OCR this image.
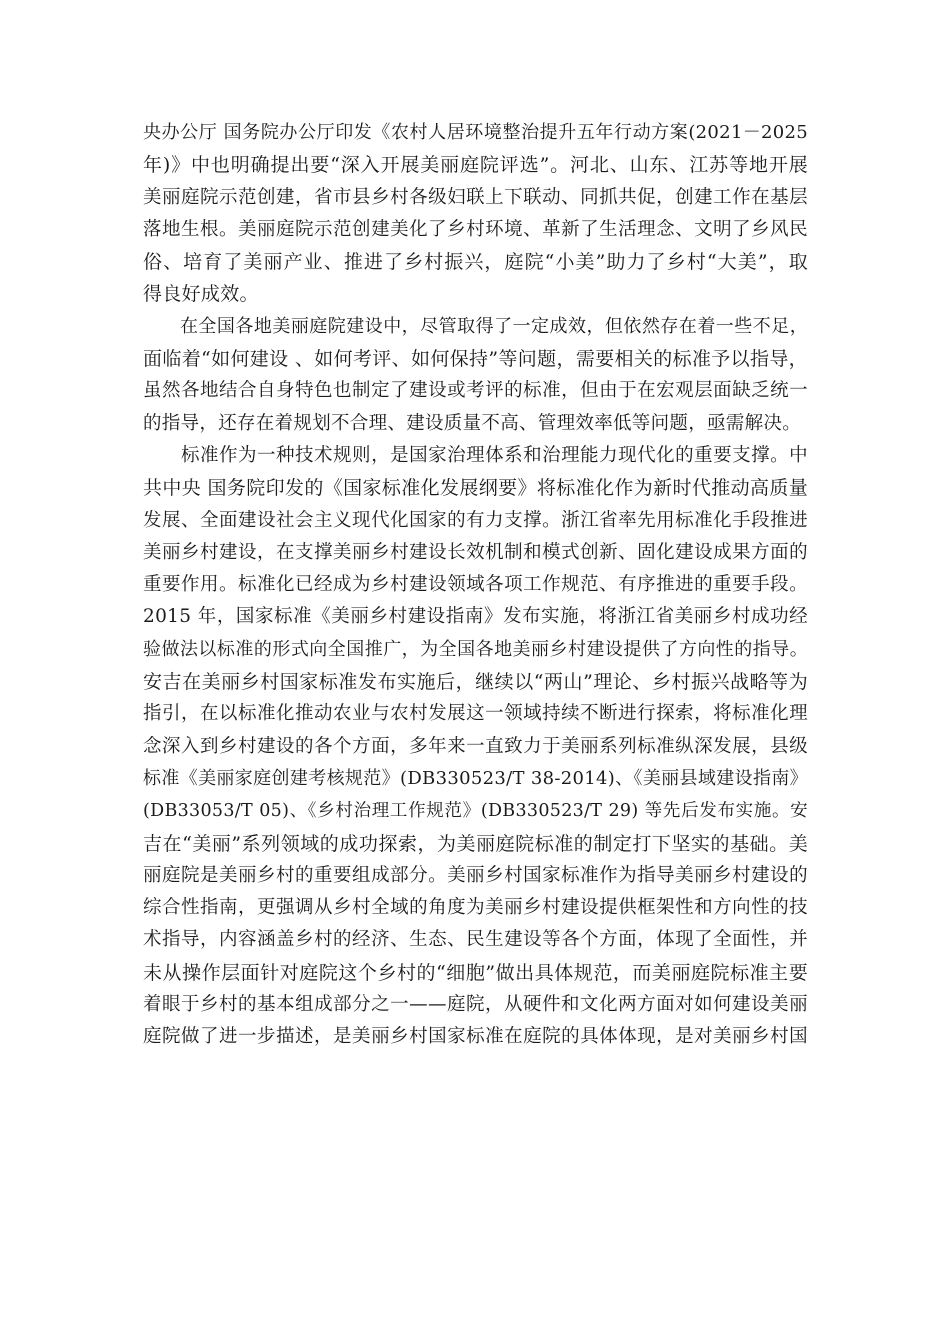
央办公厅 国务院办公厅印发《农村人居环境整治提升五年行动方案(2021－2025
年)》中也明确提出要“深入开展美丽庭院评选”。河北、山东、江苏等地开展
美丽庭院示范创建，省市县乡村各级妇联上下联动、同抓共促，创建工作在基层
落地生根。美丽庭院示范创建美化了乡村环境、革新了生活理念、文明了乡风民
俗、培育了美丽产业、推进了乡村振兴，庭院“小美”助力了乡村“大美”，取
得良好成效。
　　在全国各地美丽庭院建设中，尽管取得了一定成效，但依然存在着一些不足，
面临着“如何建设 、如何考评、如何保持”等问题，需要相关的标准予以指导，
虽然各地结合自身特色也制定了建设或考评的标准，但由于在宏观层面缺乏统一
的指导，还存在着规划不合理、建设质量不高、管理效率低等问题，亟需解决。
　　标准作为一种技术规则，是国家治理体系和治理能力现代化的重要支撑。中
共中央 国务院印发的《国家标准化发展纲要》将标准化作为新时代推动高质量
发展、全面建设社会主义现代化国家的有力支撑。浙江省率先用标准化手段推进
美丽乡村建设，在支撑美丽乡村建设长效机制和模式创新、固化建设成果方面的
重要作用。标准化已经成为乡村建设领域各项工作规范、有序推进的重要手段。
2015 年，国家标准《美丽乡村建设指南》发布实施，将浙江省美丽乡村成功经
验做法以标准的形式向全国推广，为全国各地美丽乡村建设提供了方向性的指导。
安吉在美丽乡村国家标准发布实施后，继续以“两山”理论、乡村振兴战略等为
指引，在以标准化推动农业与农村发展这一领域持续不断进行探索，将标准化理
念深入到乡村建设的各个方面，多年来一直致力于美丽系列标准纵深发展，县级
标准《美丽家庭创建考核规范》(DB330523/T 38-2014)、《美丽县域建设指南》
(DB33053/T 05)、《乡村治理工作规范》(DB330523/T 29) 等先后发布实施。安
吉在“美丽”系列领域的成功探索，为美丽庭院标准的制定打下坚实的基础。美
丽庭院是美丽乡村的重要组成部分。美丽乡村国家标准作为指导美丽乡村建设的
综合性指南，更强调从乡村全域的角度为美丽乡村建设提供框架性和方向性的技
术指导，内容涵盖乡村的经济、生态、民生建设等各个方面，体现了全面性，并
未从操作层面针对庭院这个乡村的“细胞”做出具体规范，而美丽庭院标准主要
着眼于乡村的基本组成部分之一——庭院，从硬件和文化两方面对如何建设美丽
庭院做了进一步描述，是美丽乡村国家标准在庭院的具体体现，是对美丽乡村国
